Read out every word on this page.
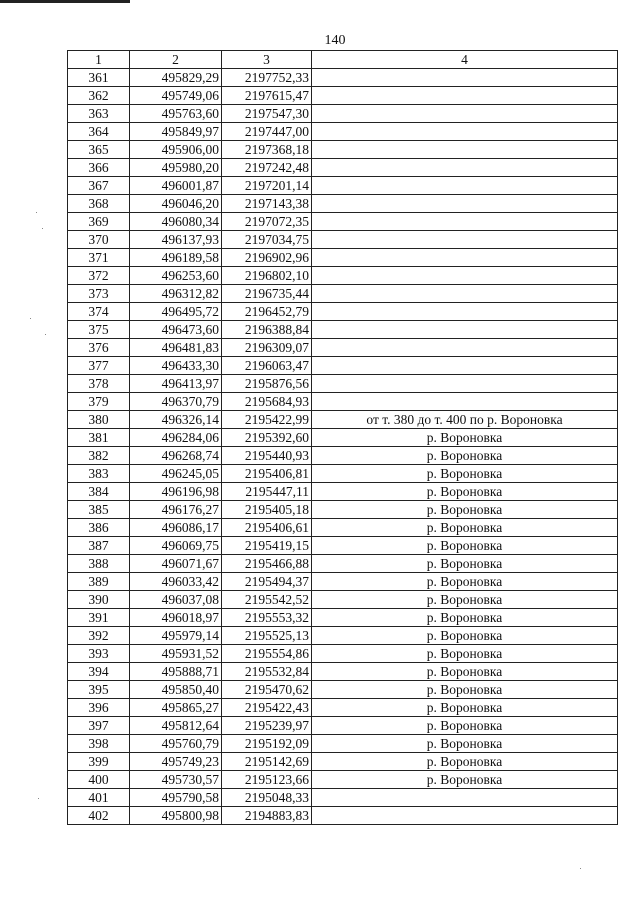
140
1	2	3	4
361	495829,29	2197752,33	
362	495749,06	2197615,47	
363	495763,60	2197547,30	
364	495849,97	2197447,00	
365	495906,00	2197368,18	
366	495980,20	2197242,48	
367	496001,87	2197201,14	
368	496046,20	2197143,38	
369	496080,34	2197072,35	
370	496137,93	2197034,75	
371	496189,58	2196902,96	
372	496253,60	2196802,10	
373	496312,82	2196735,44	
374	496495,72	2196452,79	
375	496473,60	2196388,84	
376	496481,83	2196309,07	
377	496433,30	2196063,47	
378	496413,97	2195876,56	
379	496370,79	2195684,93	
380	496326,14	2195422,99	от т. 380 до т. 400 по р. Вороновка
381	496284,06	2195392,60	р. Вороновка
382	496268,74	2195440,93	р. Вороновка
383	496245,05	2195406,81	р. Вороновка
384	496196,98	2195447,11	р. Вороновка
385	496176,27	2195405,18	р. Вороновка
386	496086,17	2195406,61	р. Вороновка
387	496069,75	2195419,15	р. Вороновка
388	496071,67	2195466,88	р. Вороновка
389	496033,42	2195494,37	р. Вороновка
390	496037,08	2195542,52	р. Вороновка
391	496018,97	2195553,32	р. Вороновка
392	495979,14	2195525,13	р. Вороновка
393	495931,52	2195554,86	р. Вороновка
394	495888,71	2195532,84	р. Вороновка
395	495850,40	2195470,62	р. Вороновка
396	495865,27	2195422,43	р. Вороновка
397	495812,64	2195239,97	р. Вороновка
398	495760,79	2195192,09	р. Вороновка
399	495749,23	2195142,69	р. Вороновка
400	495730,57	2195123,66	р. Вороновка
401	495790,58	2195048,33	
402	495800,98	2194883,83	
